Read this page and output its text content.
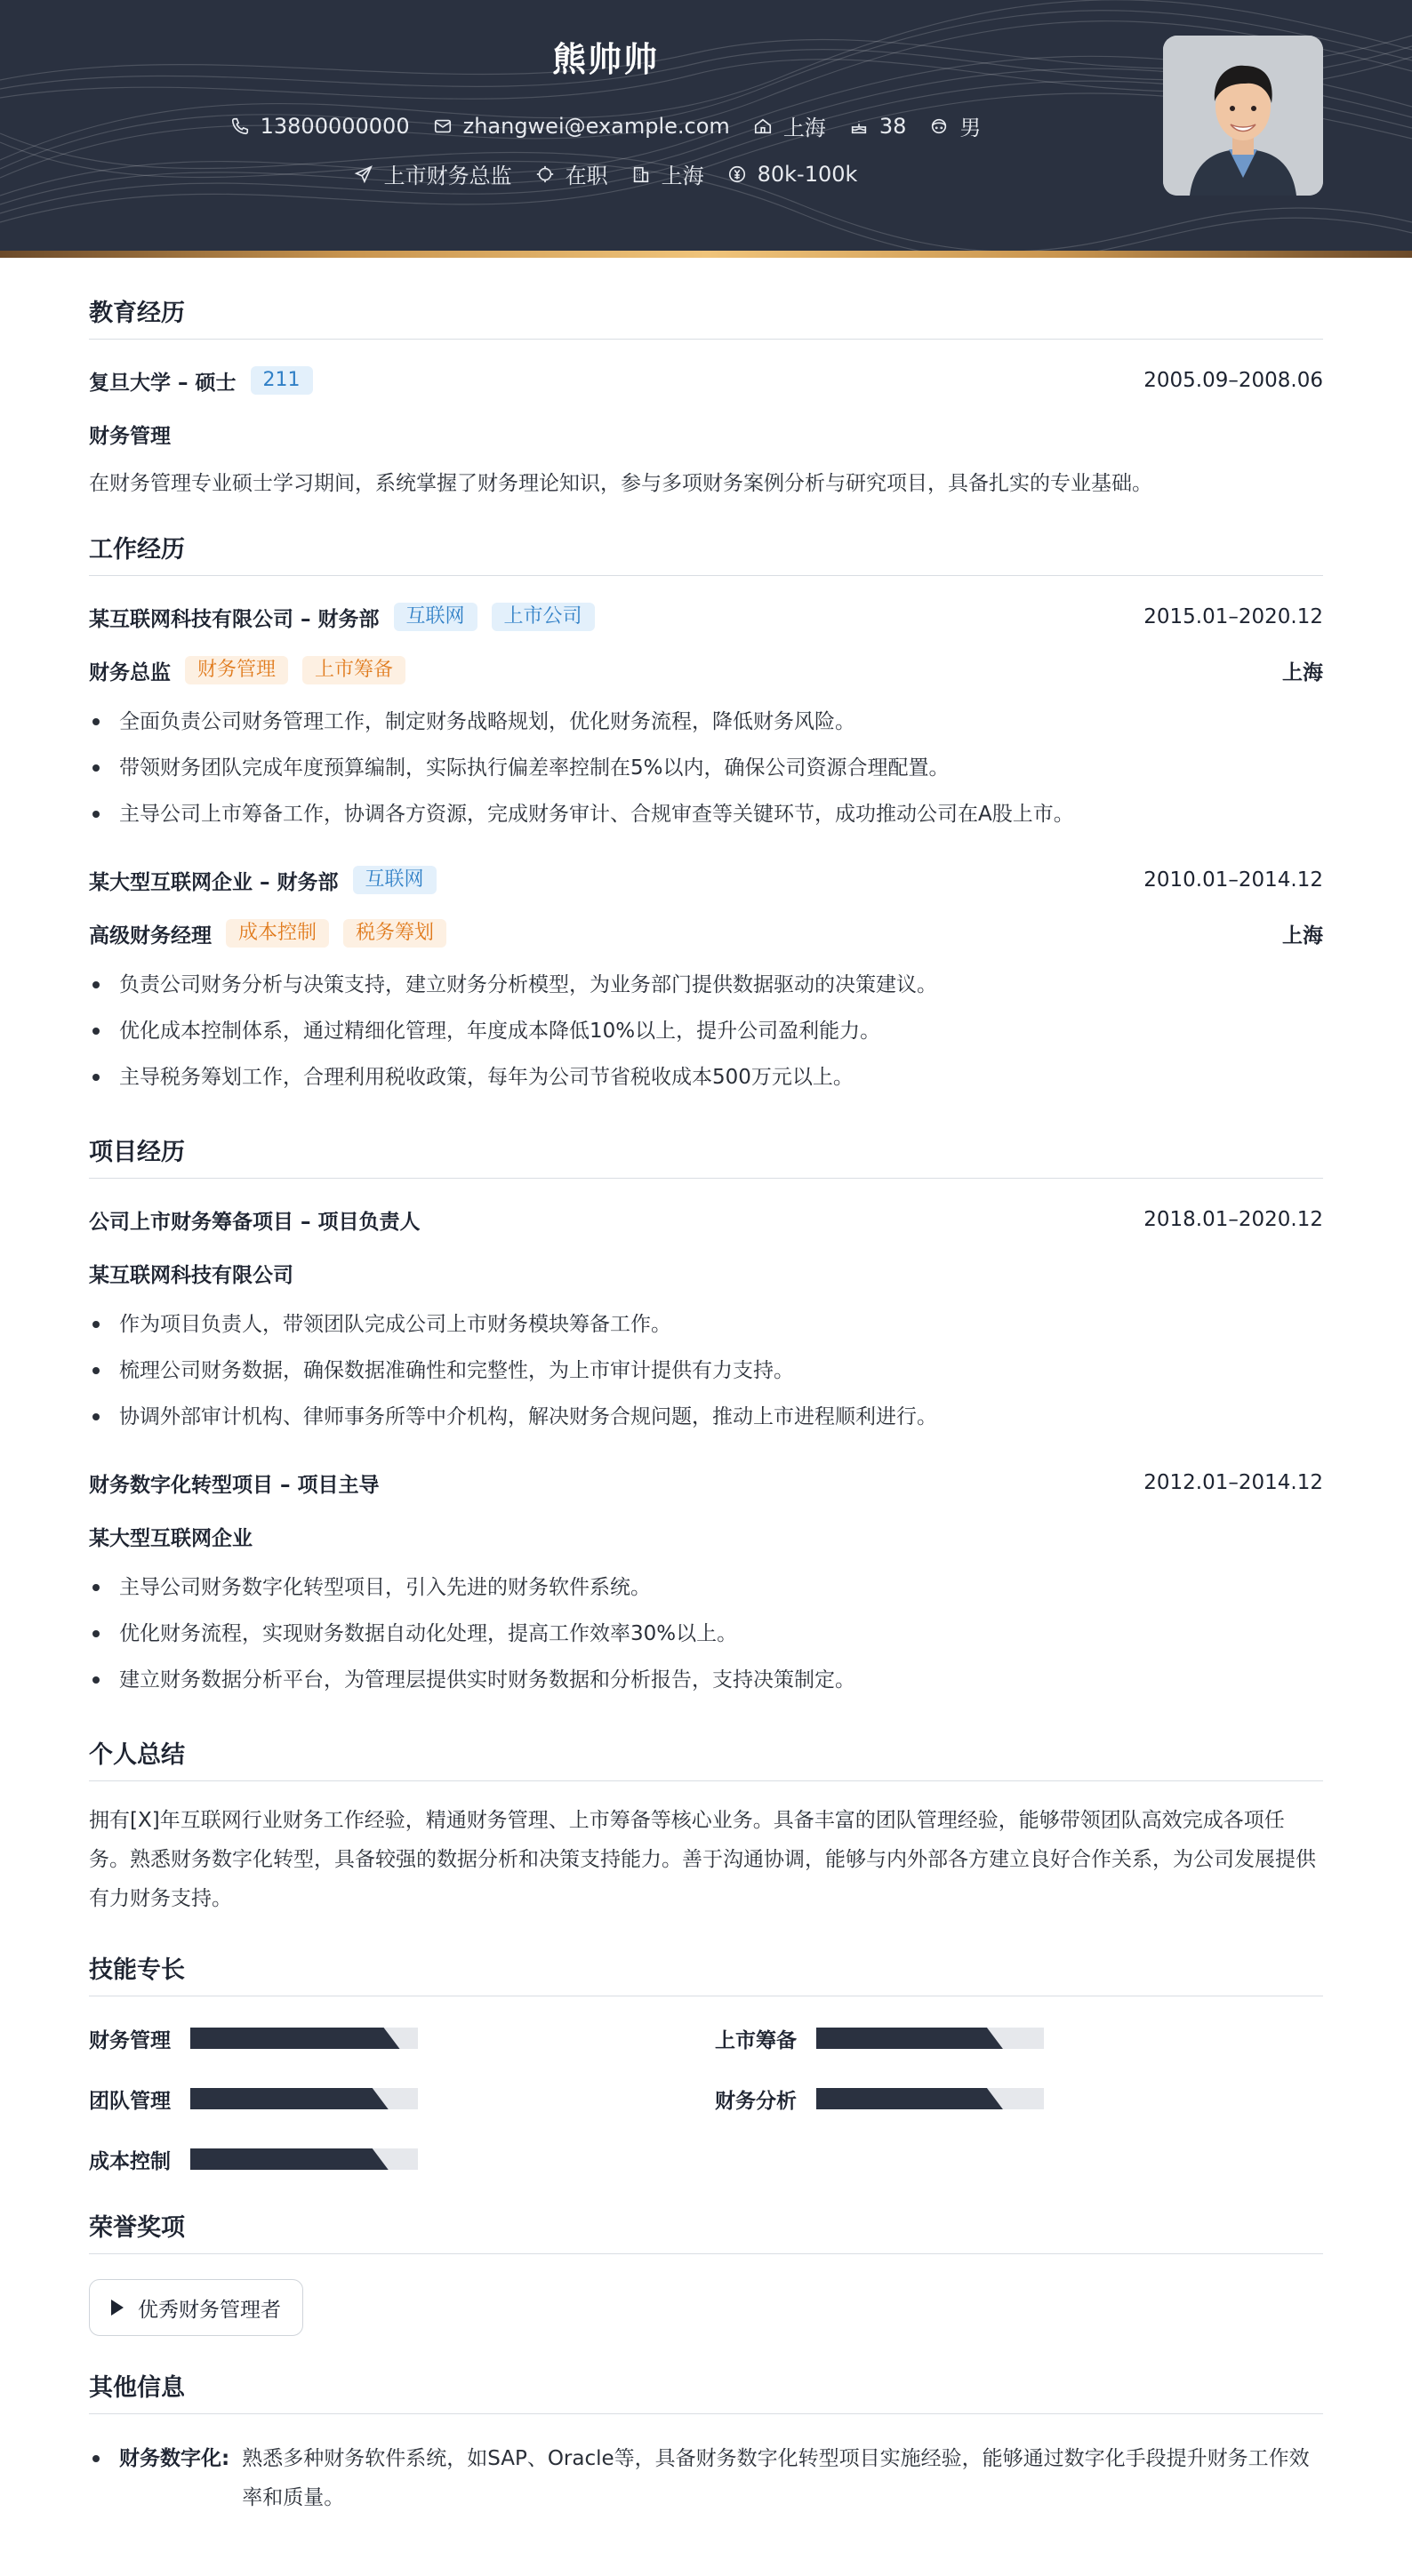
熊帅帅
13800000000	zhangwei@example.com	上海	38	男
上市财务总监	在职	上海	80k-100k
教育经历
复旦大学 – 硕士	211	2005.09–2008.06
财务管理
在财务管理专业硕士学习期间，系统掌握了财务理论知识，参与多项财务案例分析与研究项目，具备扎实的专业基础。
工作经历
某互联网科技有限公司 – 财务部	互联网	上市公司	2015.01–2020.12
财务总监	财务管理	上市筹备	上海
全面负责公司财务管理工作，制定财务战略规划，优化财务流程，降低财务风险。
带领财务团队完成年度预算编制，实际执行偏差率控制在5%以内，确保公司资源合理配置。
主导公司上市筹备工作，协调各方资源，完成财务审计、合规审查等关键环节，成功推动公司在A股上市。
某大型互联网企业 – 财务部	互联网	2010.01–2014.12
高级财务经理	成本控制	税务筹划	上海
负责公司财务分析与决策支持，建立财务分析模型，为业务部门提供数据驱动的决策建议。
优化成本控制体系，通过精细化管理，年度成本降低10%以上，提升公司盈利能力。
主导税务筹划工作，合理利用税收政策，每年为公司节省税收成本500万元以上。
项目经历
公司上市财务筹备项目 – 项目负责人	2018.01–2020.12
某互联网科技有限公司
作为项目负责人，带领团队完成公司上市财务模块筹备工作。
梳理公司财务数据，确保数据准确性和完整性，为上市审计提供有力支持。
协调外部审计机构、律师事务所等中介机构，解决财务合规问题，推动上市进程顺利进行。
财务数字化转型项目 – 项目主导	2012.01–2014.12
某大型互联网企业
主导公司财务数字化转型项目，引入先进的财务软件系统。
优化财务流程，实现财务数据自动化处理，提高工作效率30%以上。
建立财务数据分析平台，为管理层提供实时财务数据和分析报告，支持决策制定。
个人总结
拥有[X]年互联网行业财务工作经验，精通财务管理、上市筹备等核心业务。具备丰富的团队管理经验，能够带领团队高效完成各项任务。熟悉财务数字化转型，具备较强的数据分析和决策支持能力。善于沟通协调，能够与内外部各方建立良好合作关系，为公司发展提供有力财务支持。
技能专长
财务管理	上市筹备
团队管理	财务分析
成本控制
荣誉奖项
优秀财务管理者
其他信息
财务数字化: 熟悉多种财务软件系统，如SAP、Oracle等，具备财务数字化转型项目实施经验，能够通过数字化手段提升财务工作效率和质量。
